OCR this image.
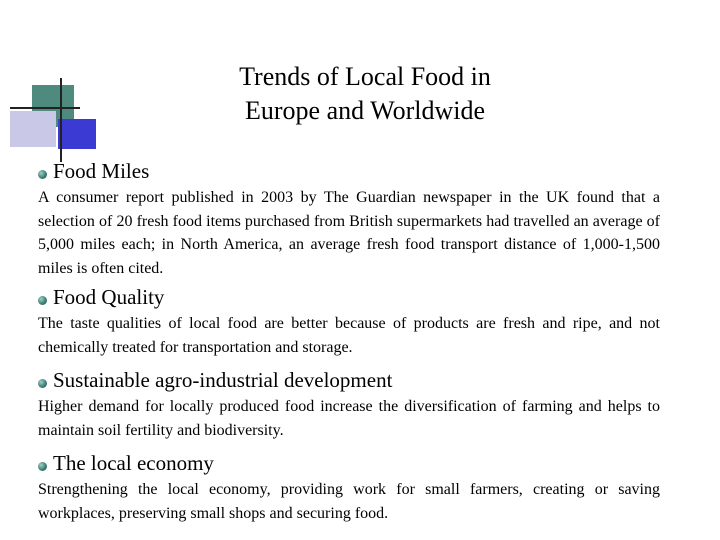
Trends of Local Food in
Europe and Worldwide
Food Miles
A consumer report published in 2003 by The Guardian newspaper in the UK found that a selection of 20 fresh food items purchased from British supermarkets had travelled an average of 5,000 miles each; in North America, an average fresh food transport distance of 1,000-1,500 miles is often cited.
Food Quality
The taste qualities of local food are better because of products are fresh and ripe, and not chemically treated for transportation and storage.
Sustainable agro-industrial development
Higher demand for locally produced food increase the diversification of farming and helps to maintain soil fertility and biodiversity.
The local economy
Strengthening the local economy, providing work for small farmers, creating or saving workplaces, preserving small shops and securing food.
